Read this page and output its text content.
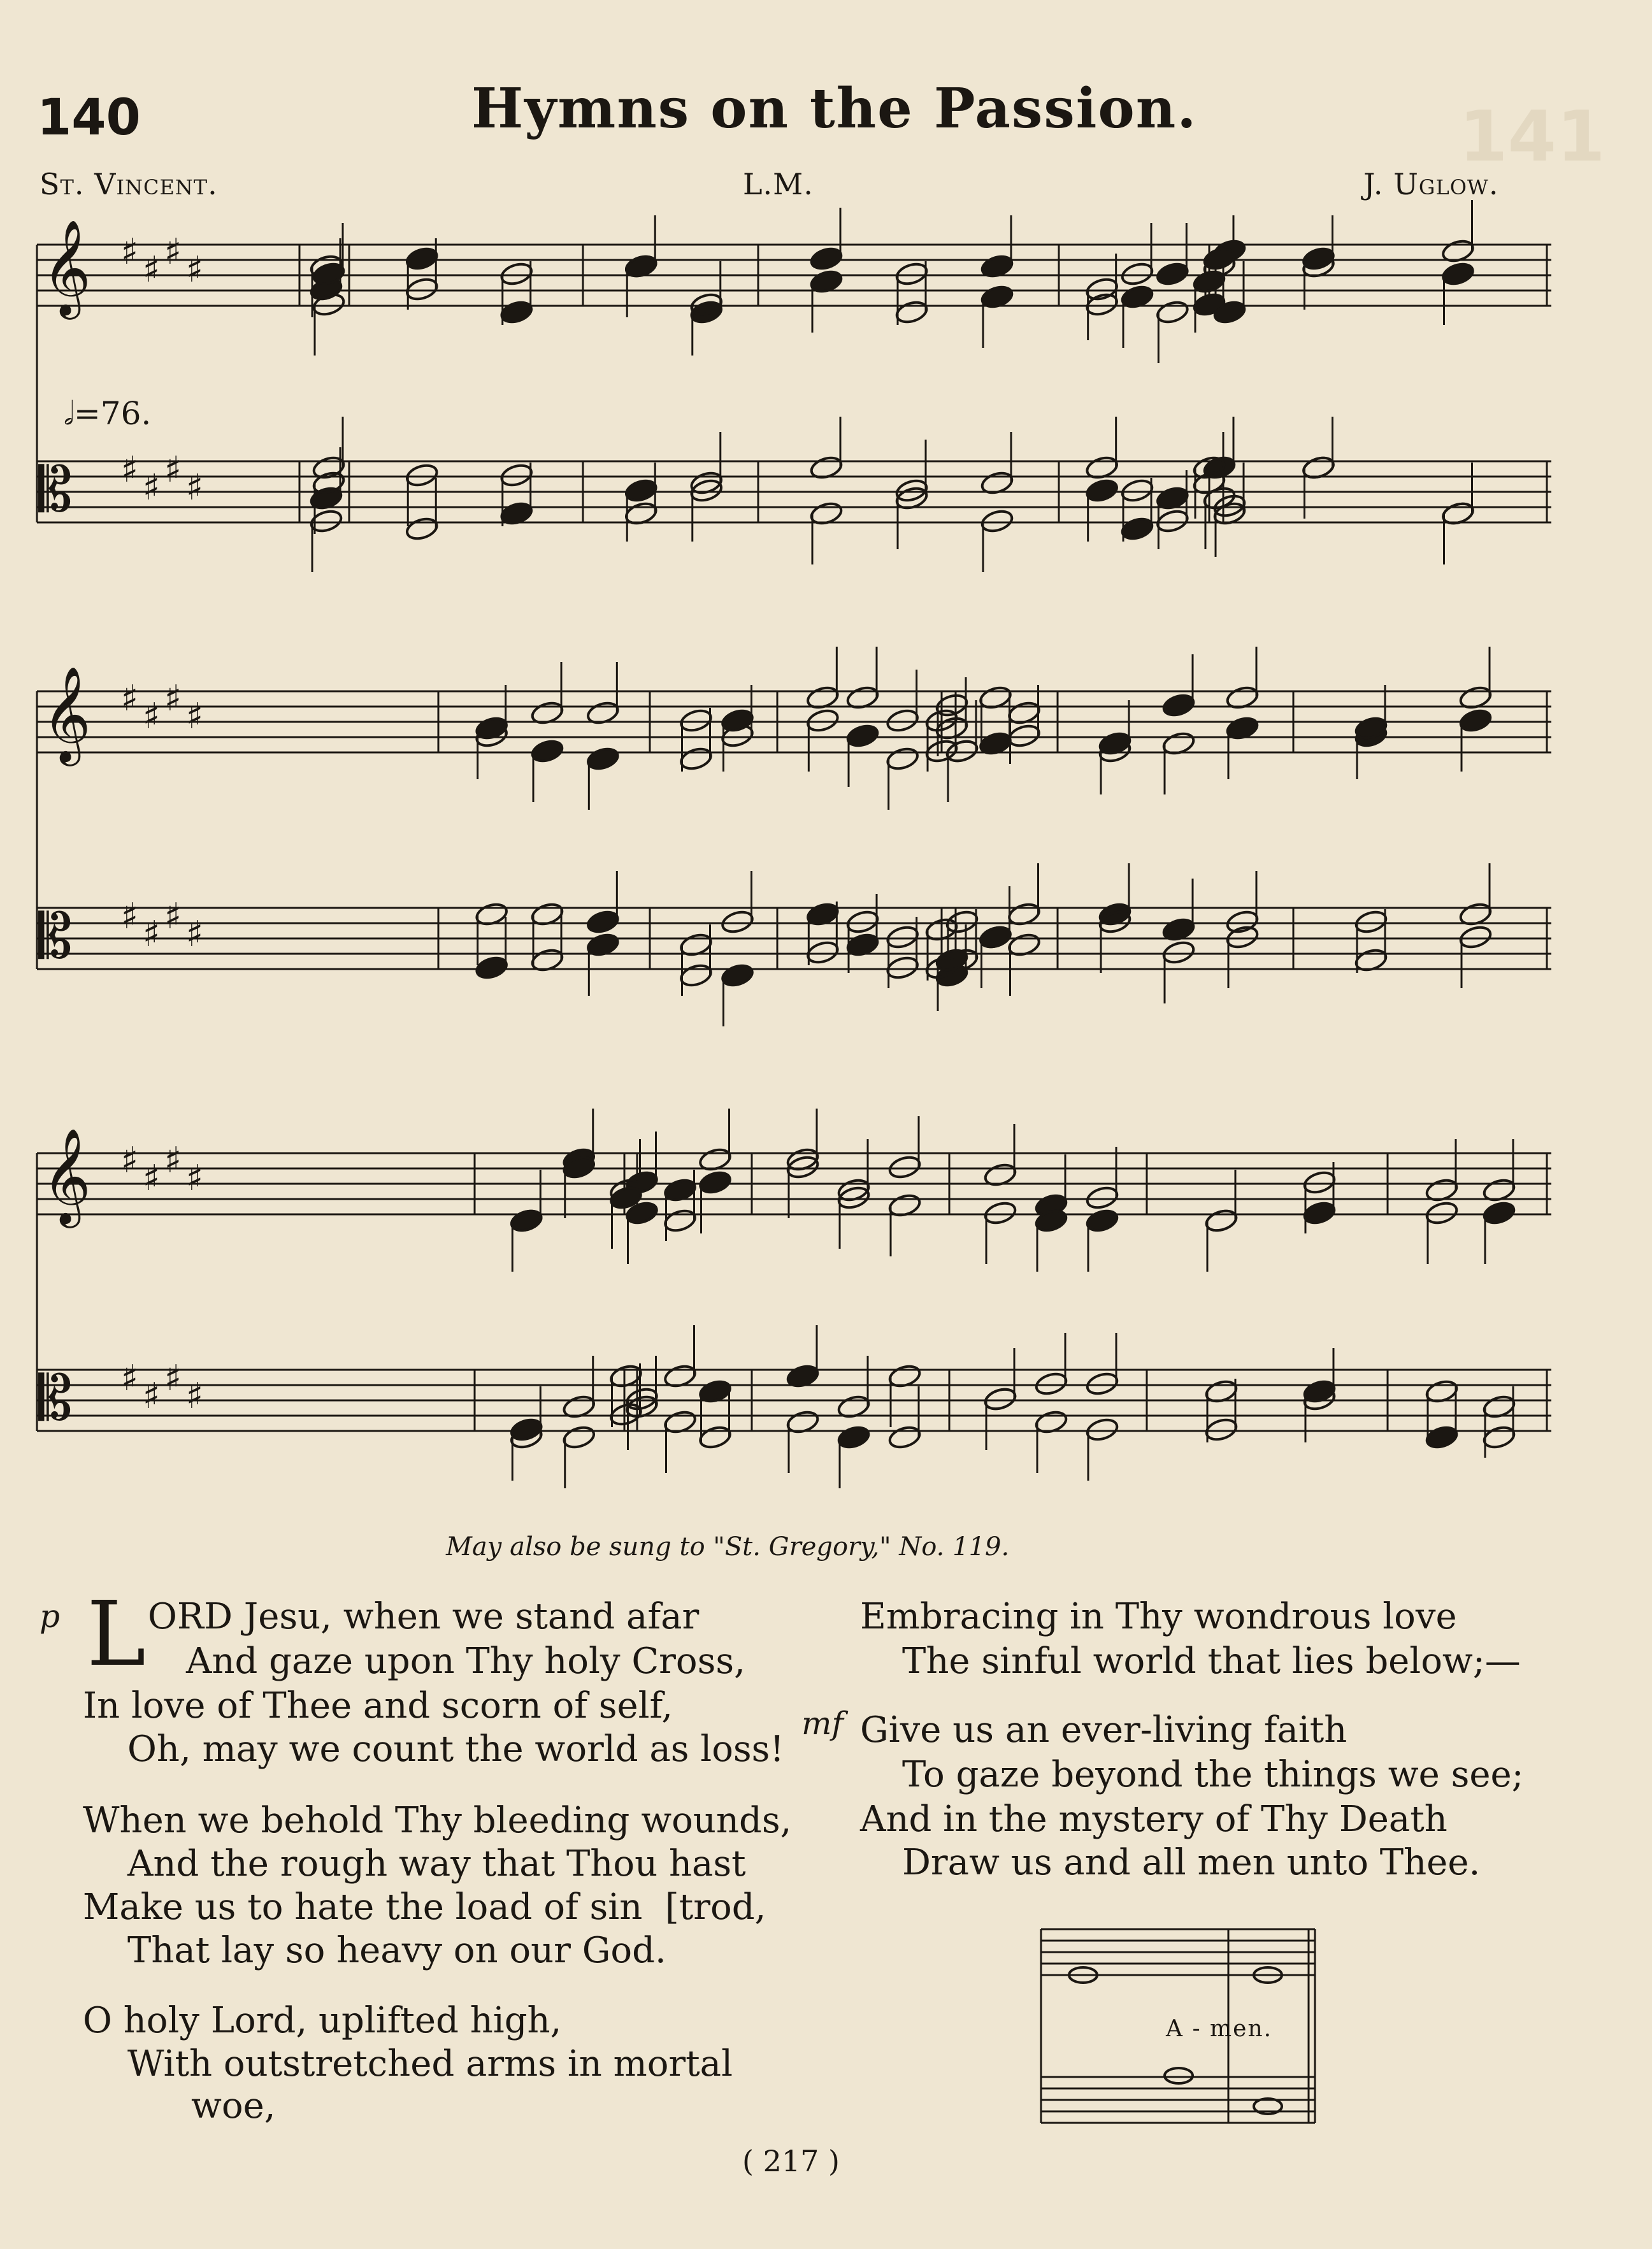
141
140	Hymns on the Passion.
St. Vincent.	L.M.	J. Uglow.
𝅗𝅥=76.
𝄞
𝄡
♯
♯
♯
♯
♯
♯
♯
♯
𝄞
𝄡
♯
♯
♯
♯
♯
♯
♯
♯
𝄞
𝄡
♯
♯
♯
♯
♯
♯
♯
♯
May also be sung to "St. Gregory," No. 119.
p L ORD Jesu, when we stand afar
And gaze upon Thy holy Cross,
In love of Thee and scorn of self,
Oh, may we count the world as loss!
When we behold Thy bleeding wounds,
And the rough way that Thou hast
Make us to hate the load of sin  [trod,
That lay so heavy on our God.
O holy Lord, uplifted high,
With outstretched arms in mortal
woe,
Embracing in Thy wondrous love
The sinful world that lies below;—
mf Give us an ever-living faith
To gaze beyond the things we see;
And in the mystery of Thy Death
Draw us and all men unto Thee.
A - men.
( 217 )
